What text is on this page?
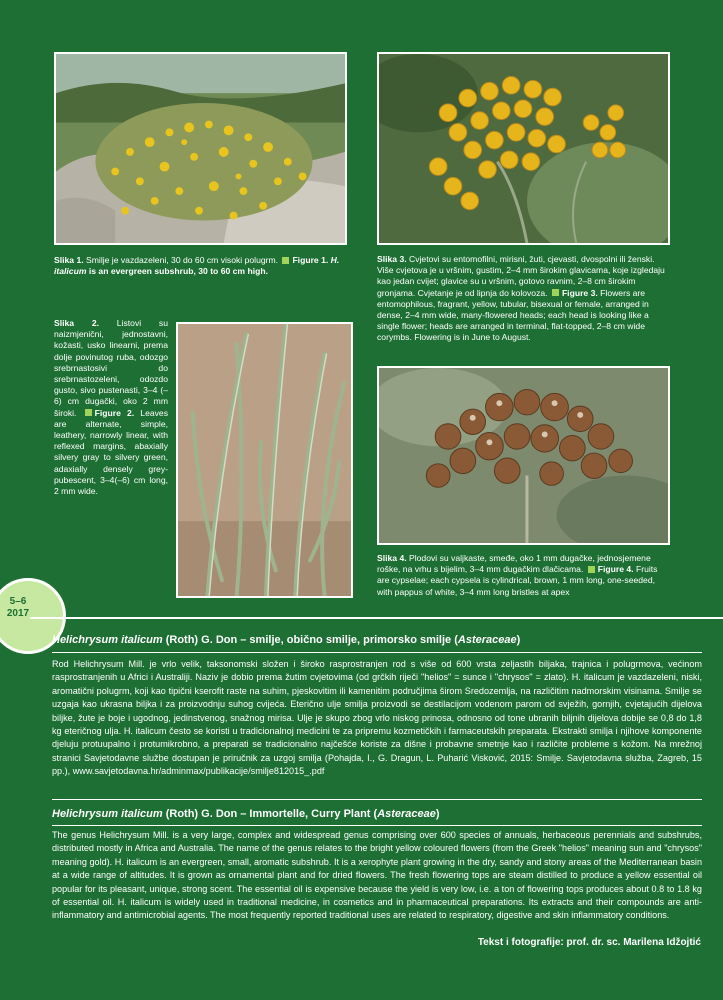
Slika 1. Smilje je vazdazeleni, 30 do 60 cm visoki polugrm. Figure 1. H. italicum is an evergreen subshrub, 30 to 60 cm high.
Slika 3. Cvjetovi su entomofilni, mirisni, žuti, cjevasti, dvospolni ili ženski. Više cvjetova je u vršnim, gustim, 2–4 mm širokim glavicama, koje izgledaju kao jedan cvijet; glavice su u vršnim, gotovo ravnim, 2–8 cm širokim gronjama. Cvjetanje je od lipnja do kolovoza. Figure 3. Flowers are entomophilous, fragrant, yellow, tubular, bisexual or female, arranged in dense, 2–4 mm wide, many-flowered heads; each head is looking like a single flower; heads are arranged in terminal, flat-topped, 2–8 cm wide corymbs. Flowering is in June to August.
Slika 2. Listovi su naizmjenični, jednostavni, kožasti, usko linearni, prema dolje povinutog ruba, odozgo srebrnastosivi do srebrnastozeleni, odozdo gusto, sivo pustenasti, 3–4 (–6) cm dugački, oko 2 mm široki. Figure 2. Leaves are alternate, simple, leathery, narrowly linear, with reflexed margins, abaxially silvery gray to silvery green, adaxially densely grey-pubescent, 3–4(–6) cm long, 2 mm wide.
Slika 4. Plodovi su valjkaste, smeđe, oko 1 mm dugačke, jednosjemene roške, na vrhu s bijelim, 3–4 mm dugačkim dlačicama. Figure 4. Fruits are cypselae; each cypsela is cylindrical, brown, 1 mm long, one-seeded, with pappus of white, 3–4 mm long bristles at apex
5–6 2017
Helichrysum italicum (Roth) G. Don – smilje, obično smilje, primorsko smilje (Asteraceae)
Rod Helichrysum Mill. je vrlo velik, taksonomski složen i široko rasprostranjen rod s više od 600 vrsta zeljastih biljaka, trajnica i polugrmova, većinom rasprostranjenih u Africi i Australiji. Naziv je dobio prema žutim cvjetovima (od grčkih riječi "helios" = sunce i "chrysos" = zlato). H. italicum je vazdazeleni, niski, aromatični polugrm, koji kao tipični kserofit raste na suhim, pjeskovitim ili kamenitim područjima širom Sredozemlja, na različitim nadmorskim visinama. Smilje se uzgaja kao ukrasna biljka i za proizvodnju suhog cvijeća. Eterično ulje smilja proizvodi se destilacijom vodenom parom od svježih, gornjih, cvjetajućih dijelova biljke, žute je boje i ugodnog, jedinstvenog, snažnog mirisa. Ulje je skupo zbog vrlo niskog prinosa, odnosno od tone ubranih biljnih dijelova dobije se 0,8 do 1,8 kg eteričnog ulja. H. italicum često se koristi u tradicionalnoj medicini te za pripremu kozmetičkih i farmaceutskih preparata. Ekstrakti smilja i njihove komponente djeluju protuupalno i protumikrobno, a preparati se tradicionalno najčešće koriste za dišne i probavne smetnje kao i različite probleme s kožom. Na mrežnoj stranici Savjetodavne službe dostupan je priručnik za uzgoj smilja (Pohajda, I., G. Dragun, L. Puharić Visković, 2015: Smilje. Savjetodavna služba, Zagreb, 15 pp.), www.savjetodavna.hr/adminmax/publikacije/smilje812015_.pdf
Helichrysum italicum (Roth) G. Don – Immortelle, Curry Plant (Asteraceae)
The genus Helichrysum Mill. is a very large, complex and widespread genus comprising over 600 species of annuals, herbaceous perennials and subshrubs, distributed mostly in Africa and Australia. The name of the genus relates to the bright yellow coloured flowers (from the Greek "helios" meaning sun and "chrysos" meaning gold). H. italicum is an evergreen, small, aromatic subshrub. It is a xerophyte plant growing in the dry, sandy and stony areas of the Mediterranean basin at a wide range of altitudes. It is grown as ornamental plant and for dried flowers. The fresh flowering tops are steam distilled to produce a yellow essential oil popular for its pleasant, unique, strong scent. The essential oil is expensive because the yield is very low, i.e. a ton of flowering tops produces about 0.8 to 1.8 kg of essential oil. H. italicum is widely used in traditional medicine, in cosmetics and in pharmaceutical preparations. Its extracts and their compounds are anti-inflammatory and antimicrobial agents. The most frequently reported traditional uses are related to respiratory, digestive and skin inflammatory conditions.
Tekst i fotografije: prof. dr. sc. Marilena Idžojtić
